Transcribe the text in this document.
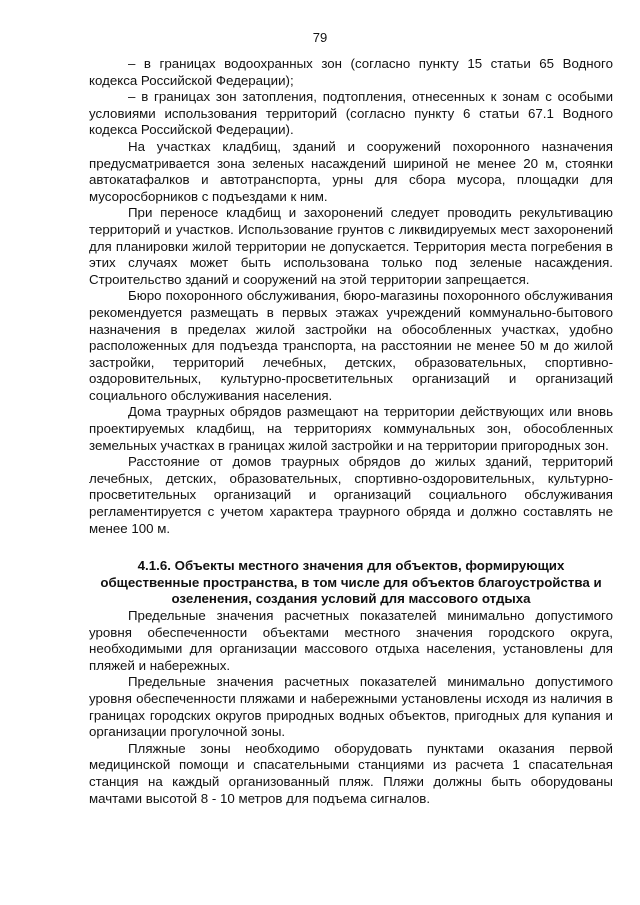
79

– в границах водоохранных зон (согласно пункту 15 статьи 65 Водного кодекса Российской Федерации);

– в границах зон затопления, подтопления, отнесенных к зонам с особыми условиями использования территорий (согласно пункту 6 статьи 67.1 Водного кодекса Российской Федерации).

На участках кладбищ, зданий и сооружений похоронного назначения предусматривается зона зеленых насаждений шириной не менее 20 м, стоянки автокатафалков и автотранспорта, урны для сбора мусора, площадки для мусоросборников с подъездами к ним.

При переносе кладбищ и захоронений следует проводить рекультивацию территорий и участков. Использование грунтов с ликвидируемых мест захоронений для планировки жилой территории не допускается. Территория места погребения в этих случаях может быть использована только под зеленые насаждения. Строительство зданий и сооружений на этой территории запрещается.

Бюро похоронного обслуживания, бюро-магазины похоронного обслуживания рекомендуется размещать в первых этажах учреждений коммунально-бытового назначения в пределах жилой застройки на обособленных участках, удобно расположенных для подъезда транспорта, на расстоянии не менее 50 м до жилой застройки, территорий лечебных, детских, образовательных, спортивно-оздоровительных, культурно-просветительных организаций и организаций социального обслуживания населения.

Дома траурных обрядов размещают на территории действующих или вновь проектируемых кладбищ, на территориях коммунальных зон, обособленных земельных участках в границах жилой застройки и на территории пригородных зон.

Расстояние от домов траурных обрядов до жилых зданий, территорий лечебных, детских, образовательных, спортивно-оздоровительных, культурно-просветительных организаций и организаций социального обслуживания регламентируется с учетом характера траурного обряда и должно составлять не менее 100 м.

4.1.6. Объекты местного значения для объектов, формирующих общественные пространства, в том числе для объектов благоустройства и озеленения, создания условий для массового отдыха

Предельные значения расчетных показателей минимально допустимого уровня обеспеченности объектами местного значения городского округа, необходимыми для организации массового отдыха населения, установлены для пляжей и набережных.

Предельные значения расчетных показателей минимально допустимого уровня обеспеченности пляжами и набережными установлены исходя из наличия в границах городских округов природных водных объектов, пригодных для купания и организации прогулочной зоны.

Пляжные зоны необходимо оборудовать пунктами оказания первой медицинской помощи и спасательными станциями из расчета 1 спасательная станция на каждый организованный пляж. Пляжи должны быть оборудованы мачтами высотой 8 - 10 метров для подъема сигналов.
